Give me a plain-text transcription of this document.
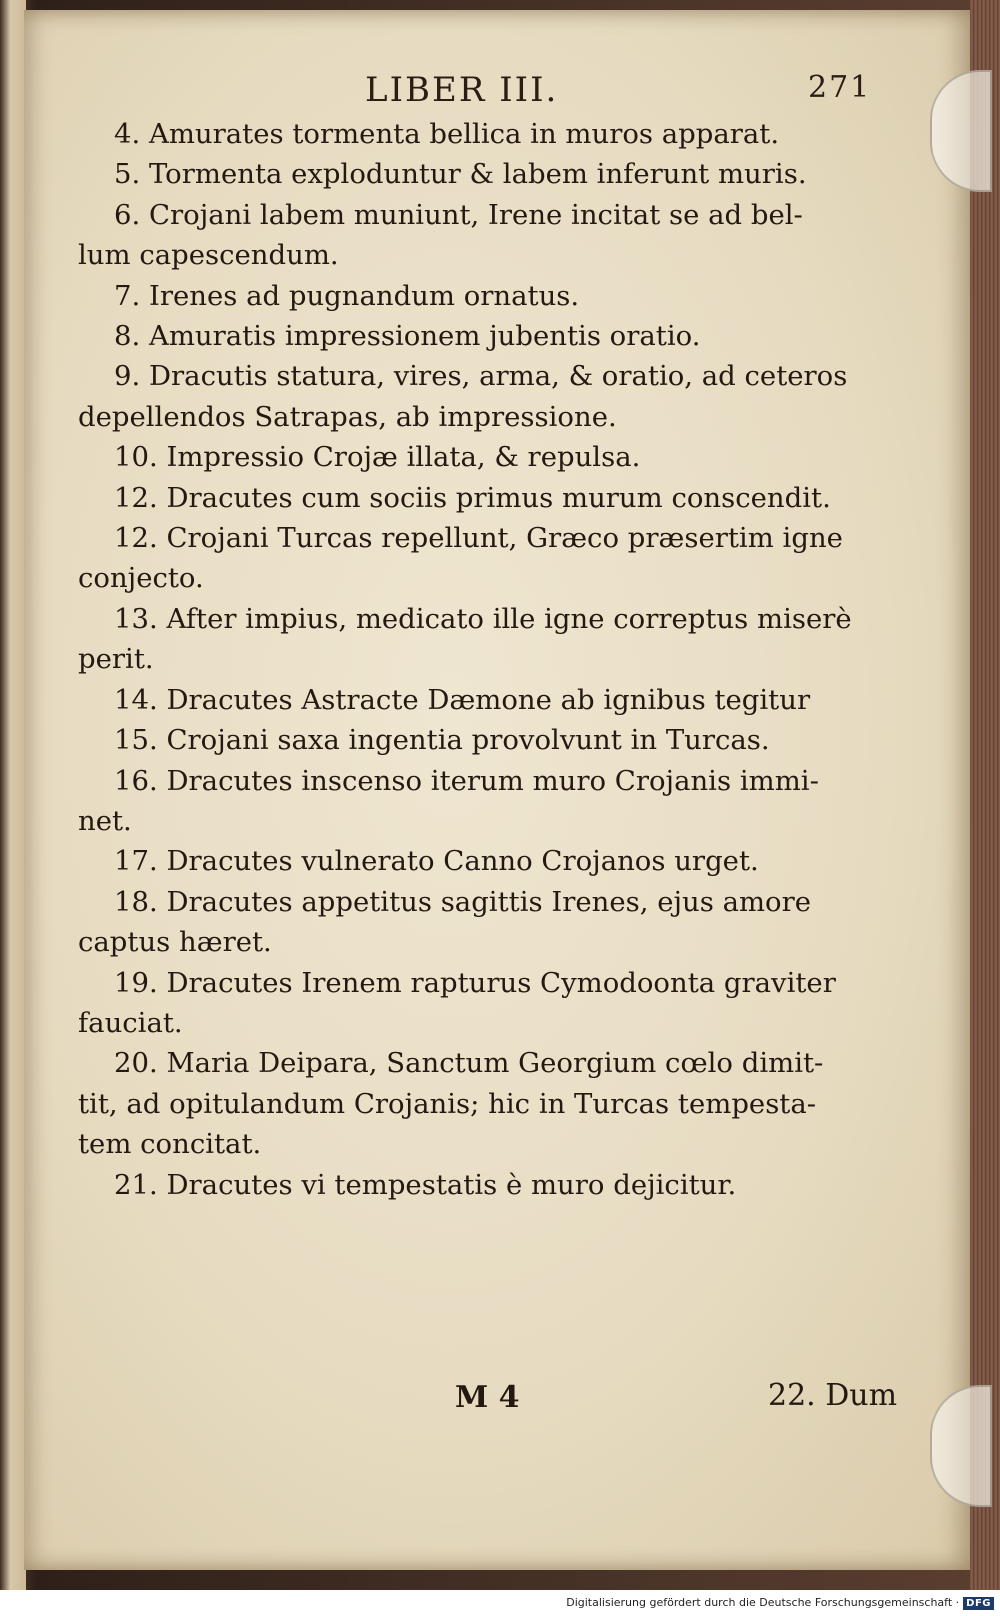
LIBER III.	271

4. Amurates tormenta bellica in muros apparat.

5. Tormenta exploduntur & labem inferunt muris.

6. Crojani labem muniunt, Irene incitat se ad bel-
lum capescendum.

7. Irenes ad pugnandum ornatus.

8. Amuratis impressionem jubentis oratio.

9. Dracutis statura, vires, arma, & oratio, ad ceteros
depellendos Satrapas, ab impressione.

10. Impressio Crojæ illata, & repulsa.

12. Dracutes cum sociis primus murum conscendit.

12. Crojani Turcas repellunt, Græco præsertim igne
conjecto.

13. After impius, medicato ille igne correptus miserè
perit.

14. Dracutes Astracte Dæmone ab ignibus tegitur

15. Crojani saxa ingentia provolvunt in Turcas.

16. Dracutes inscenso iterum muro Crojanis immi-
net.

17. Dracutes vulnerato Canno Crojanos urget.

18. Dracutes appetitus sagittis Irenes, ejus amore
captus hæret.

19. Dracutes Irenem rapturus Cymodoonta graviter
fauciat.

20. Maria Deipara, Sanctum Georgium cœlo dimit-
tit, ad opitulandum Crojanis; hic in Turcas tempesta-
tem concitat.

21. Dracutes vi tempestatis è muro dejicitur.

M 4	22. Dum
Digitalisierung gefördert durch die Deutsche Forschungsgemeinschaft · DFG
